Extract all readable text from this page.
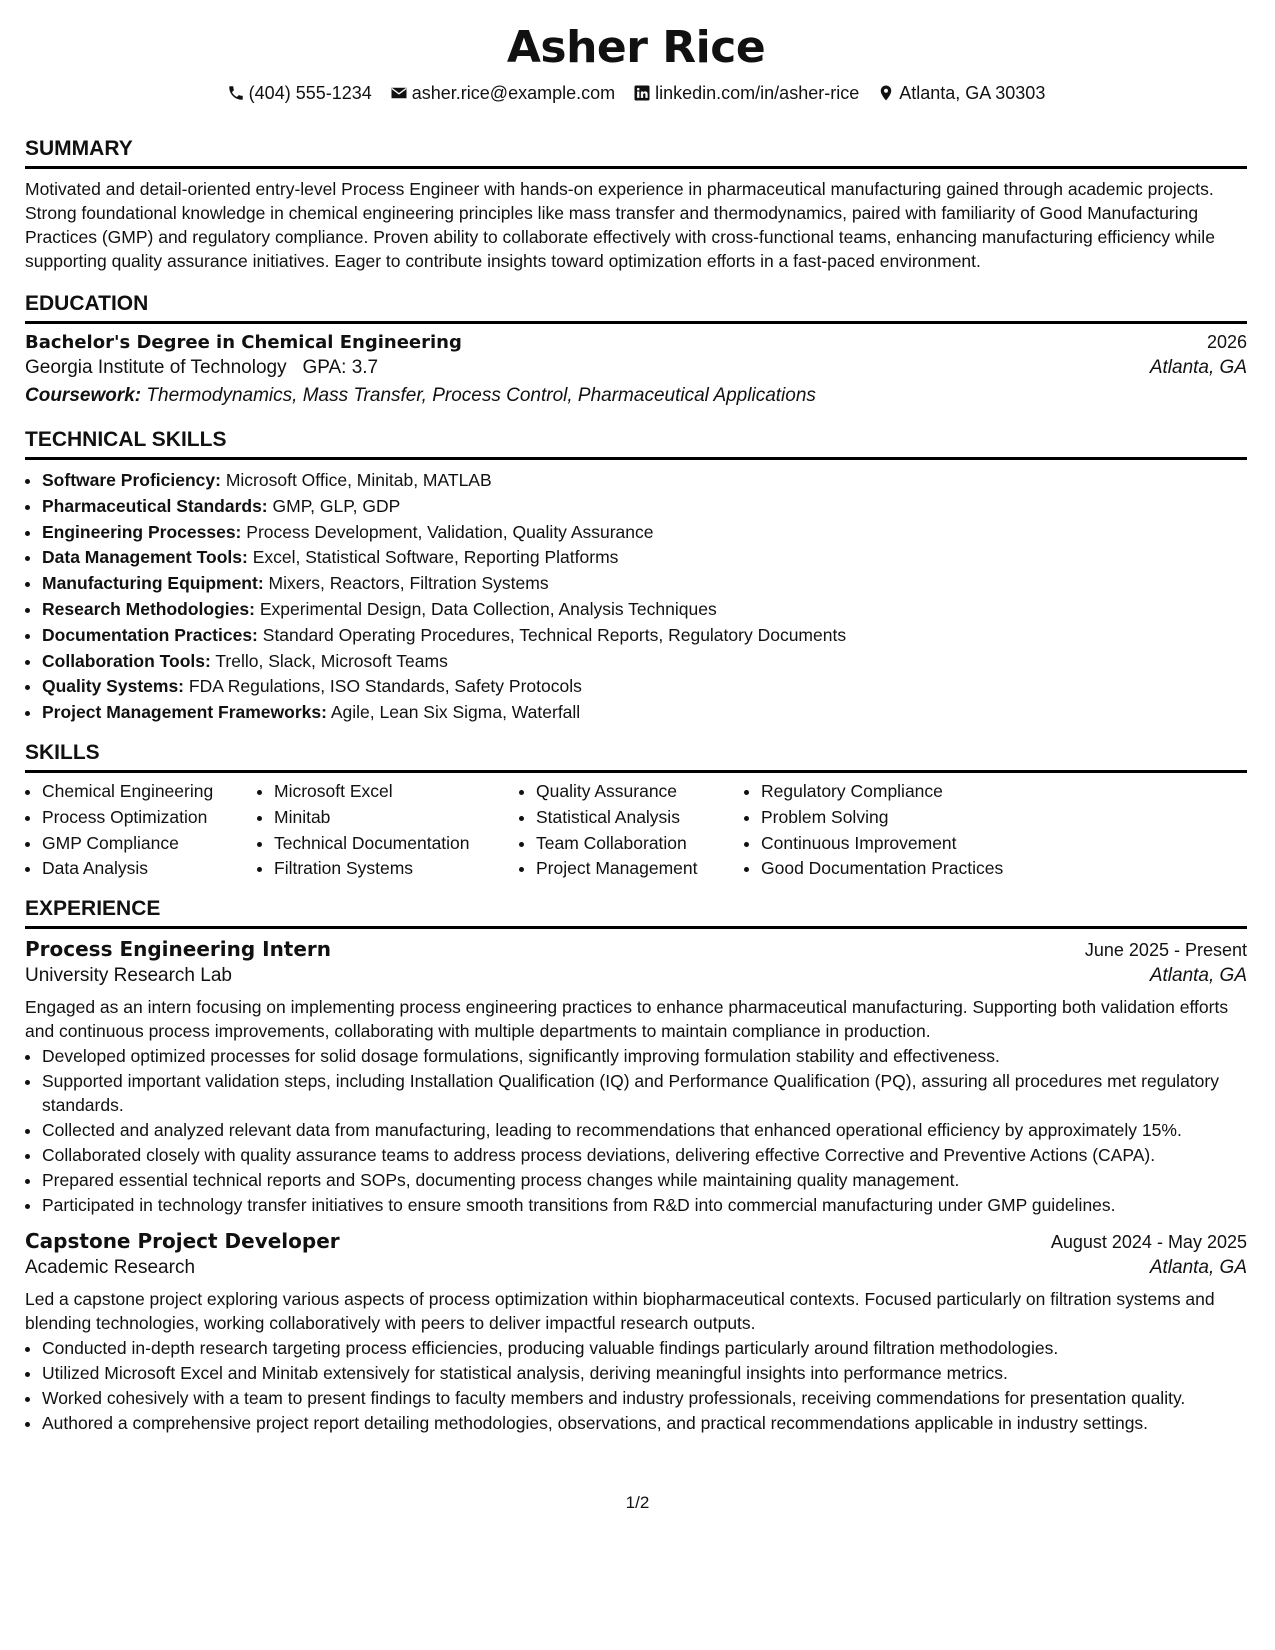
Asher Rice
(404) 555-1234 asher.rice@example.com linkedin.com/in/asher-rice Atlanta, GA 30303
SUMMARY

Motivated and detail-oriented entry-level Process Engineer with hands-on experience in pharmaceutical manufacturing gained through academic projects. Strong foundational knowledge in chemical engineering principles like mass transfer and thermodynamics, paired with familiarity of Good Manufacturing Practices (GMP) and regulatory compliance. Proven ability to collaborate effectively with cross-functional teams, enhancing manufacturing efficiency while supporting quality assurance initiatives. Eager to contribute insights toward optimization efforts in a fast-paced environment.

EDUCATION
Bachelor's Degree in Chemical Engineering	2026
Georgia Institute of Technology GPA: 3.7	Atlanta, GA
Coursework: Thermodynamics, Mass Transfer, Process Control, Pharmaceutical Applications
TECHNICAL SKILLS
• Software Proficiency: Microsoft Office, Minitab, MATLAB
• Pharmaceutical Standards: GMP, GLP, GDP
• Engineering Processes: Process Development, Validation, Quality Assurance
• Data Management Tools: Excel, Statistical Software, Reporting Platforms
• Manufacturing Equipment: Mixers, Reactors, Filtration Systems
• Research Methodologies: Experimental Design, Data Collection, Analysis Techniques
• Documentation Practices: Standard Operating Procedures, Technical Reports, Regulatory Documents
• Collaboration Tools: Trello, Slack, Microsoft Teams
• Quality Systems: FDA Regulations, ISO Standards, Safety Protocols
• Project Management Frameworks: Agile, Lean Six Sigma, Waterfall
SKILLS
• Chemical Engineering
• Process Optimization
• GMP Compliance
• Data Analysis
• Microsoft Excel
• Minitab
• Technical Documentation
• Filtration Systems
• Quality Assurance
• Statistical Analysis
• Team Collaboration
• Project Management
• Regulatory Compliance
• Problem Solving
• Continuous Improvement
• Good Documentation Practices
EXPERIENCE
Process Engineering Intern	June 2025 - Present
University Research Lab	Atlanta, GA

Engaged as an intern focusing on implementing process engineering practices to enhance pharmaceutical manufacturing. Supporting both validation efforts and continuous process improvements, collaborating with multiple departments to maintain compliance in production.

• Developed optimized processes for solid dosage formulations, significantly improving formulation stability and effectiveness.
• Supported important validation steps, including Installation Qualification (IQ) and Performance Qualification (PQ), assuring all procedures met regulatory standards.
• Collected and analyzed relevant data from manufacturing, leading to recommendations that enhanced operational efficiency by approximately 15%.
• Collaborated closely with quality assurance teams to address process deviations, delivering effective Corrective and Preventive Actions (CAPA).
• Prepared essential technical reports and SOPs, documenting process changes while maintaining quality management.
• Participated in technology transfer initiatives to ensure smooth transitions from R&D into commercial manufacturing under GMP guidelines.
Capstone Project Developer	August 2024 - May 2025
Academic Research	Atlanta, GA

Led a capstone project exploring various aspects of process optimization within biopharmaceutical contexts. Focused particularly on filtration systems and blending technologies, working collaboratively with peers to deliver impactful research outputs.

• Conducted in-depth research targeting process efficiencies, producing valuable findings particularly around filtration methodologies.
• Utilized Microsoft Excel and Minitab extensively for statistical analysis, deriving meaningful insights into performance metrics.
• Worked cohesively with a team to present findings to faculty members and industry professionals, receiving commendations for presentation quality.
• Authored a comprehensive project report detailing methodologies, observations, and practical recommendations applicable in industry settings.
1/2
